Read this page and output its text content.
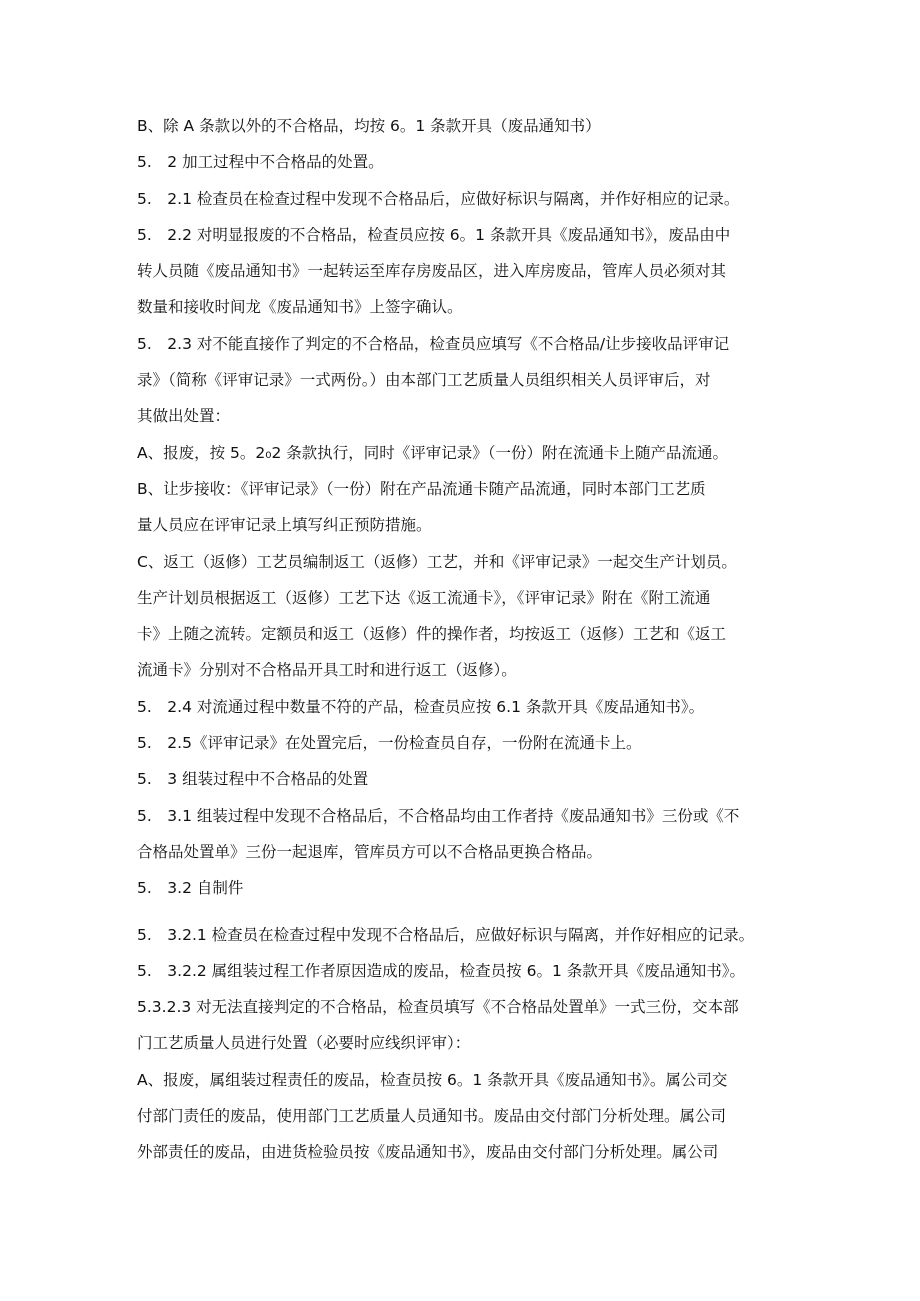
B、除 A 条款以外的不合格品，均按 6。1 条款开具（废品通知书）
5.　2 加工过程中不合格品的处置。
5.　2.1 检查员在检查过程中发现不合格品后，应做好标识与隔离，并作好相应的记录。
5.　2.2 对明显报废的不合格品，检查员应按 6。1 条款开具《废品通知书》，废品由中
转人员随《废品通知书》一起转运至库存房废品区，进入库房废品，管库人员必须对其
数量和接收时间龙《废品通知书》上签字确认。
5.　2.3 对不能直接作了判定的不合格品，检查员应填写《不合格品/让步接收品评审记
录》（简称《评审记录》一式两份。）由本部门工艺质量人员组织相关人员评审后，对
其做出处置：
A、报废，按 5。2₀2 条款执行，同时《评审记录》（一份）附在流通卡上随产品流通。
B、让步接收：《评审记录》（一份）附在产品流通卡随产品流通，同时本部门工艺质
量人员应在评审记录上填写纠正预防措施。
C、返工（返修）工艺员编制返工（返修）工艺，并和《评审记录》一起交生产计划员。
生产计划员根据返工（返修）工艺下达《返工流通卡》，《评审记录》附在《附工流通
卡》上随之流转。定额员和返工（返修）件的操作者，均按返工（返修）工艺和《返工
流通卡》分别对不合格品开具工时和进行返工（返修）。
5.　2.4 对流通过程中数量不符的产品，检查员应按 6.1 条款开具《废品通知书》。
5.　2.5《评审记录》在处置完后，一份检查员自存，一份附在流通卡上。
5.　3 组装过程中不合格品的处置
5.　3.1 组装过程中发现不合格品后，不合格品均由工作者持《废品通知书》三份或《不
合格品处置单》三份一起退库，管库员方可以不合格品更换合格品。
5.　3.2 自制件
5.　3.2.1 检查员在检查过程中发现不合格品后，应做好标识与隔离，并作好相应的记录。
5.　3.2.2 属组装过程工作者原因造成的废品，检查员按 6。1 条款开具《废品通知书》。
5.3.2.3 对无法直接判定的不合格品，检查员填写《不合格品处置单》一式三份，交本部
门工艺质量人员进行处置（必要时应线织评审）：
A、报废，属组装过程责任的废品，检查员按 6。1 条款开具《废品通知书》。属公司交
付部门责任的废品，使用部门工艺质量人员通知书。废品由交付部门分析处理。属公司
外部责任的废品，由进货检验员按《废品通知书》，废品由交付部门分析处理。属公司
